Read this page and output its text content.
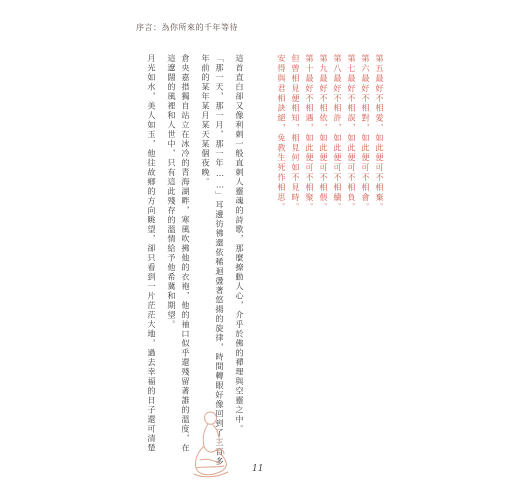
序言：為你所來的千年等待
第五最好不相愛，如此便可不相棄。
第六最好不相對，如此便可不相會。
第七最好不相誤，如此便可不相負。
第八最好不相許，如此便可不相續。
第九最好不相依，如此便可不相偎。
第十最好不相遇，如此便可不相聚。
但曾相見便相知，相見何如不見時。
安得與君相訣絕，免教生死作相思。
這首直白卻又像利刺一般直刺人靈魂的詩歌，那麼撩動人心，介乎於佛的禪理與空靈之中。
「那一天，那一月，那一年……」耳邊彷彿還依稀迴盪著悠揚的旋律，時間轉眼好像回到了三百多
年前的某年某月某天某個夜晚。
倉央嘉措獨自站立在冰冷的青海湖畔，寒風吹拂他的衣袍，他的袖口似乎還殘留著誰的溫度，在
這遼闊的風裡和人世中，只有這此殘存的溫情給予他希冀和期望。
月光如水，美人如玉，他往故鄉的方向眺望，卻只看到一片茫茫大地，過去幸福的日子還可清楚
11
